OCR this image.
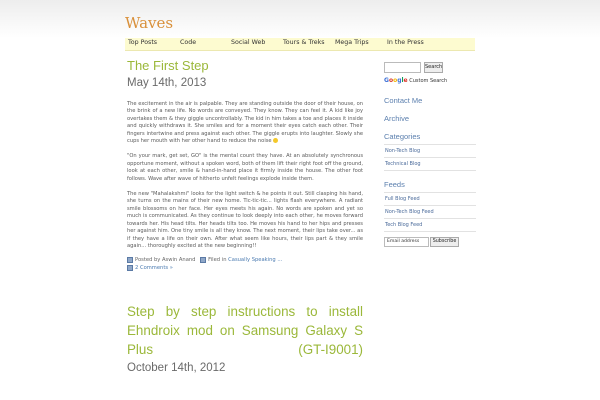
Waves
Top Posts	Code	Social Web	Tours & Treks Mega Trips	In the Press
The First Step
May 14th, 2013
The excitement in the air is palpable. They are standing outside the door of their house, on the brink of a new life. No words are conveyed. They know. They can feel it. A kid like joy overtakes them & they giggle uncontrollably. The kid in him takes a toe and places it inside and quickly withdraws it. She smiles and for a moment their eyes catch each other. Their fingers intertwine and press against each other. The giggle erupts into laughter. Slowly she cups her mouth with her other hand to reduce the noise
"On your mark, get set, GO" is the mental count they have. At an absolutely synchronous opportune moment, without a spoken word, both of them lift their right foot off the ground, look at each other, smile & hand-in-hand place it firmly inside the house. The other foot follows. Wave after wave of hitherto unfelt feelings explode inside them.
The new "Mahalakshmi" looks for the light switch & he points it out. Still clasping his hand, she turns on the mains of their new home. Tic-tic-tic... lights flash everywhere. A radiant smile blossoms on her face. Her eyes meets his again. No words are spoken and yet so much is communicated. As they continue to look deeply into each other, he moves forward towards her. His head tilts. Her heads tilts too. He moves his hand to her hips and presses her against him. One tiny smile is all they know. The next moment, their lips take over... as if they have a life on their own. After what seem like hours, their lips part & they smile again... thoroughly excited at the new beginning!!
Posted by Aswin Anand Filed in Casually Speaking ...
2 Comments »
Step by step instructions to install Ehndroix mod on Samsung Galaxy S Plus (GT-I9001)
October 14th, 2012
Search
Google Custom Search
Contact Me
Archive
Categories
Non-Tech Blog
Technical Blog
Feeds
Full Blog Feed
Non-Tech Blog Feed
Tech Blog Feed
Email address	Subscribe
